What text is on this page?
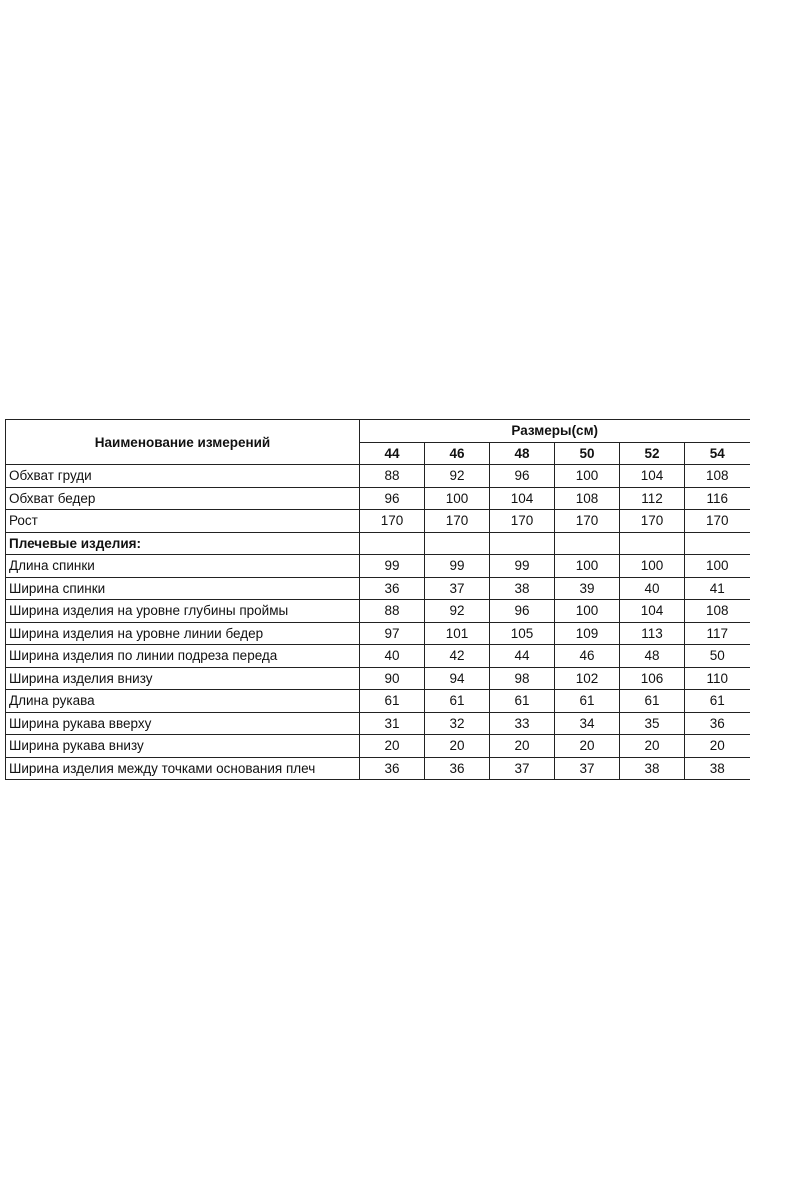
Наименование измерений	Размеры(см)					
	44	46	48	50	52	54
Обхват груди	88	92	96	100	104	108
Обхват бедер	96	100	104	108	112	116
Рост	170	170	170	170	170	170
Плечевые изделия:						
Длина спинки	99	99	99	100	100	100
Ширина спинки	36	37	38	39	40	41
Ширина изделия на уровне глубины проймы	88	92	96	100	104	108
Ширина изделия на уровне линии бедер	97	101	105	109	113	117
Ширина изделия по линии подреза переда	40	42	44	46	48	50
Ширина изделия внизу	90	94	98	102	106	110
Длина рукава	61	61	61	61	61	61
Ширина рукава вверху	31	32	33	34	35	36
Ширина рукава внизу	20	20	20	20	20	20
Ширина изделия между точками основания плеч	36	36	37	37	38	38
